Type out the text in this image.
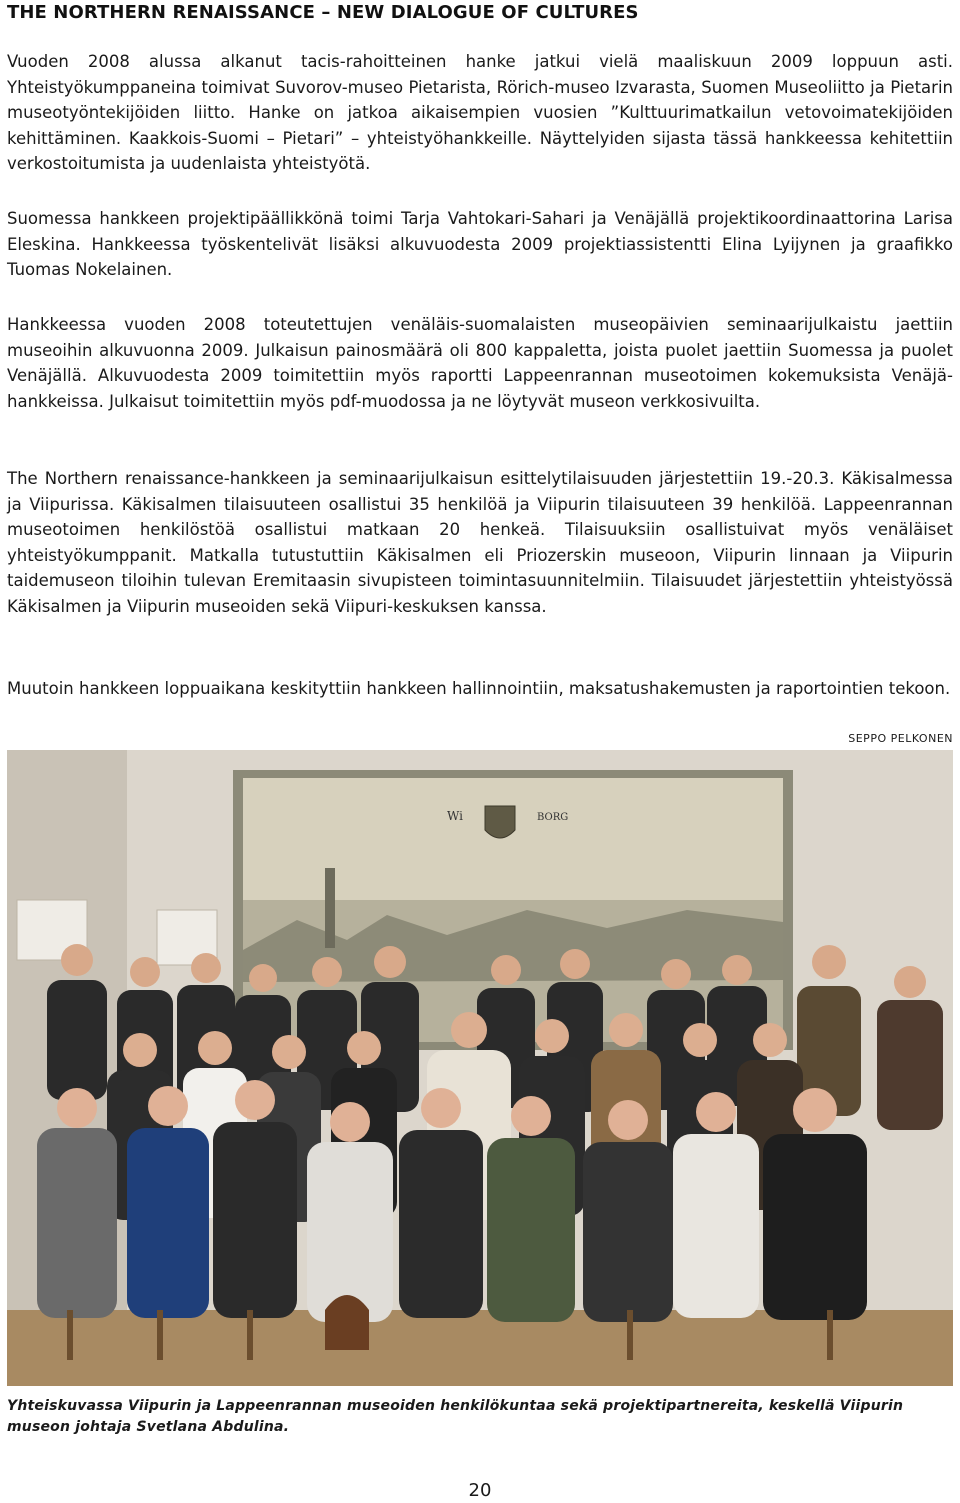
THE NORTHERN RENAISSANCE – NEW DIALOGUE OF CULTURES

Vuoden 2008 alussa alkanut tacis-rahoitteinen hanke jatkui vielä maaliskuun 2009 loppuun asti. Yhteistyökumppaneina toimivat Suvorov-museo Pietarista, Rörich-museo Izvarasta, Suomen Museoliitto ja Pietarin museotyöntekijöiden liitto. Hanke on jatkoa aikaisempien vuosien ”Kulttuurimatkailun vetovoimatekijöiden kehittäminen. Kaakkois-Suomi – Pietari” – yhteistyöhankkeille. Näyttelyiden sijasta tässä hankkeessa kehitettiin verkostoitumista ja uudenlaista yhteistyötä.

Suomessa hankkeen projektipäällikkönä toimi Tarja Vahtokari-Sahari ja Venäjällä projektikoordinaattorina Larisa Eleskina. Hankkeessa työskentelivät lisäksi alkuvuodesta 2009 projektiassistentti Elina Lyijynen ja graafikko Tuomas Nokelainen.

Hankkeessa vuoden 2008 toteutettujen venäläis-suomalaisten museopäivien seminaarijulkaistu jaettiin museoihin alkuvuonna 2009. Julkaisun painosmäärä oli 800 kappaletta, joista puolet jaettiin Suomessa ja puolet Venäjällä. Alkuvuodesta 2009 toimitettiin myös raportti Lappeenrannan museotoimen kokemuksista Venäjä-hankkeissa. Julkaisut toimitettiin myös pdf-muodossa ja ne löytyvät museon verkkosivuilta.

The Northern renaissance-hankkeen ja seminaarijulkaisun esittelytilaisuuden järjestettiin 19.-20.3. Käkisalmessa ja Viipurissa. Käkisalmen tilaisuuteen osallistui 35 henkilöä ja Viipurin tilaisuuteen 39 henkilöä. Lappeenrannan museotoimen henkilöstöä osallistui matkaan 20 henkeä. Tilaisuuksiin osallistuivat myös venäläiset yhteistyökumppanit. Matkalla tutustuttiin Käkisalmen eli Priozerskin museoon, Viipurin linnaan ja Viipurin taidemuseon tiloihin tulevan Eremitaasin sivupisteen toimintasuunnitelmiin. Tilaisuudet järjestettiin yhteistyössä Käkisalmen ja Viipurin museoiden sekä Viipuri-keskuksen kanssa.

Muutoin hankkeen loppuaikana keskityttiin hankkeen hallinnointiin, maksatushakemusten ja raportointien tekoon.

SEPPO PELKONEN
Wi	BORG

Yhteiskuvassa Viipurin ja Lappeenrannan museoiden henkilökuntaa sekä projektipartnereita, keskellä Viipurin museon johtaja Svetlana Abdulina.

20
